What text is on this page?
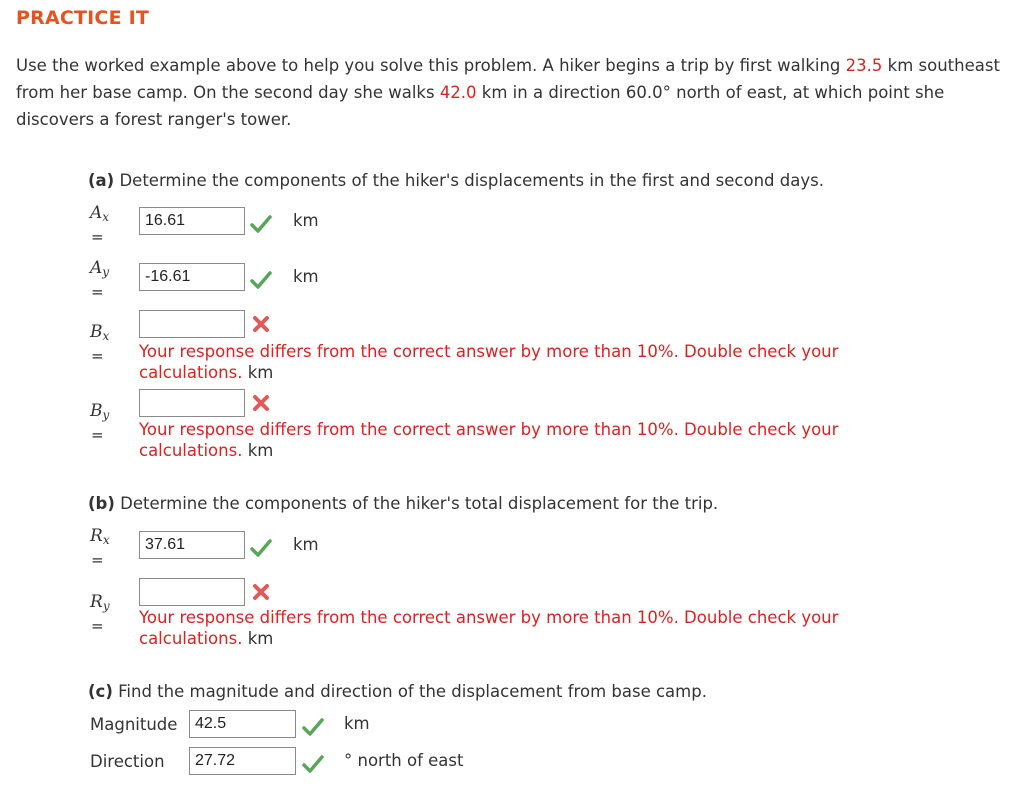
PRACTICE IT
Use the worked example above to help you solve this problem. A hiker begins a trip by first walking 23.5 km southeast from her base camp. On the second day she walks 42.0 km in a direction 60.0° north of east, at which point she discovers a forest ranger's tower.
(a) Determine the components of the hiker's displacements in the first and second days.
$A_x$
=
16.61	km
$A_y$
=
-16.61	km
$B_x$
=	Your response differs from the correct answer by more than 10%. Double check your calculations. km
$B_y$
=	Your response differs from the correct answer by more than 10%. Double check your calculations. km
(b) Determine the components of the hiker's total displacement for the trip.
$R_x$
=
37.61	km
$R_y$
=	Your response differs from the correct answer by more than 10%. Double check your calculations. km
(c) Find the magnitude and direction of the displacement from base camp.
Magnitude	42.5	km
Direction	27.72	° north of east
